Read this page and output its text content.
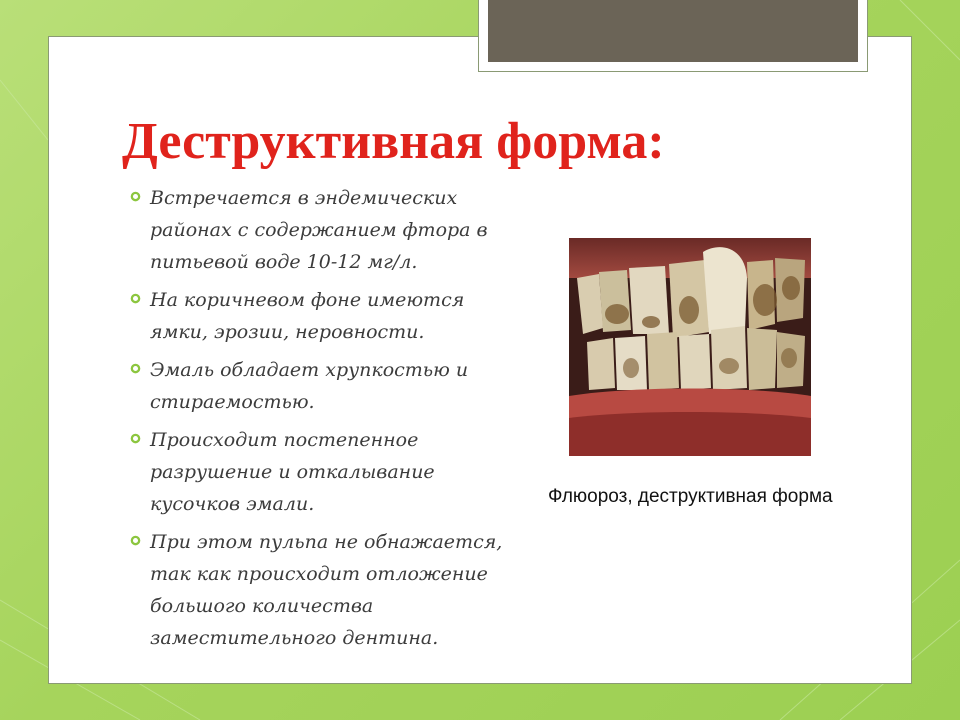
Деструктивная форма:
Встречается в эндемических
районах с содержанием фтора в
питьевой воде 10-12 мг/л.
На коричневом фоне имеются
ямки, эрозии, неровности.
Эмаль обладает хрупкостью и
стираемостью.
Происходит постепенное
разрушение и откалывание
кусочков эмали.
При этом пульпа не обнажается,
так как происходит отложение
большого количества
заместительного дентина.
Флюороз, деструктивная форма
